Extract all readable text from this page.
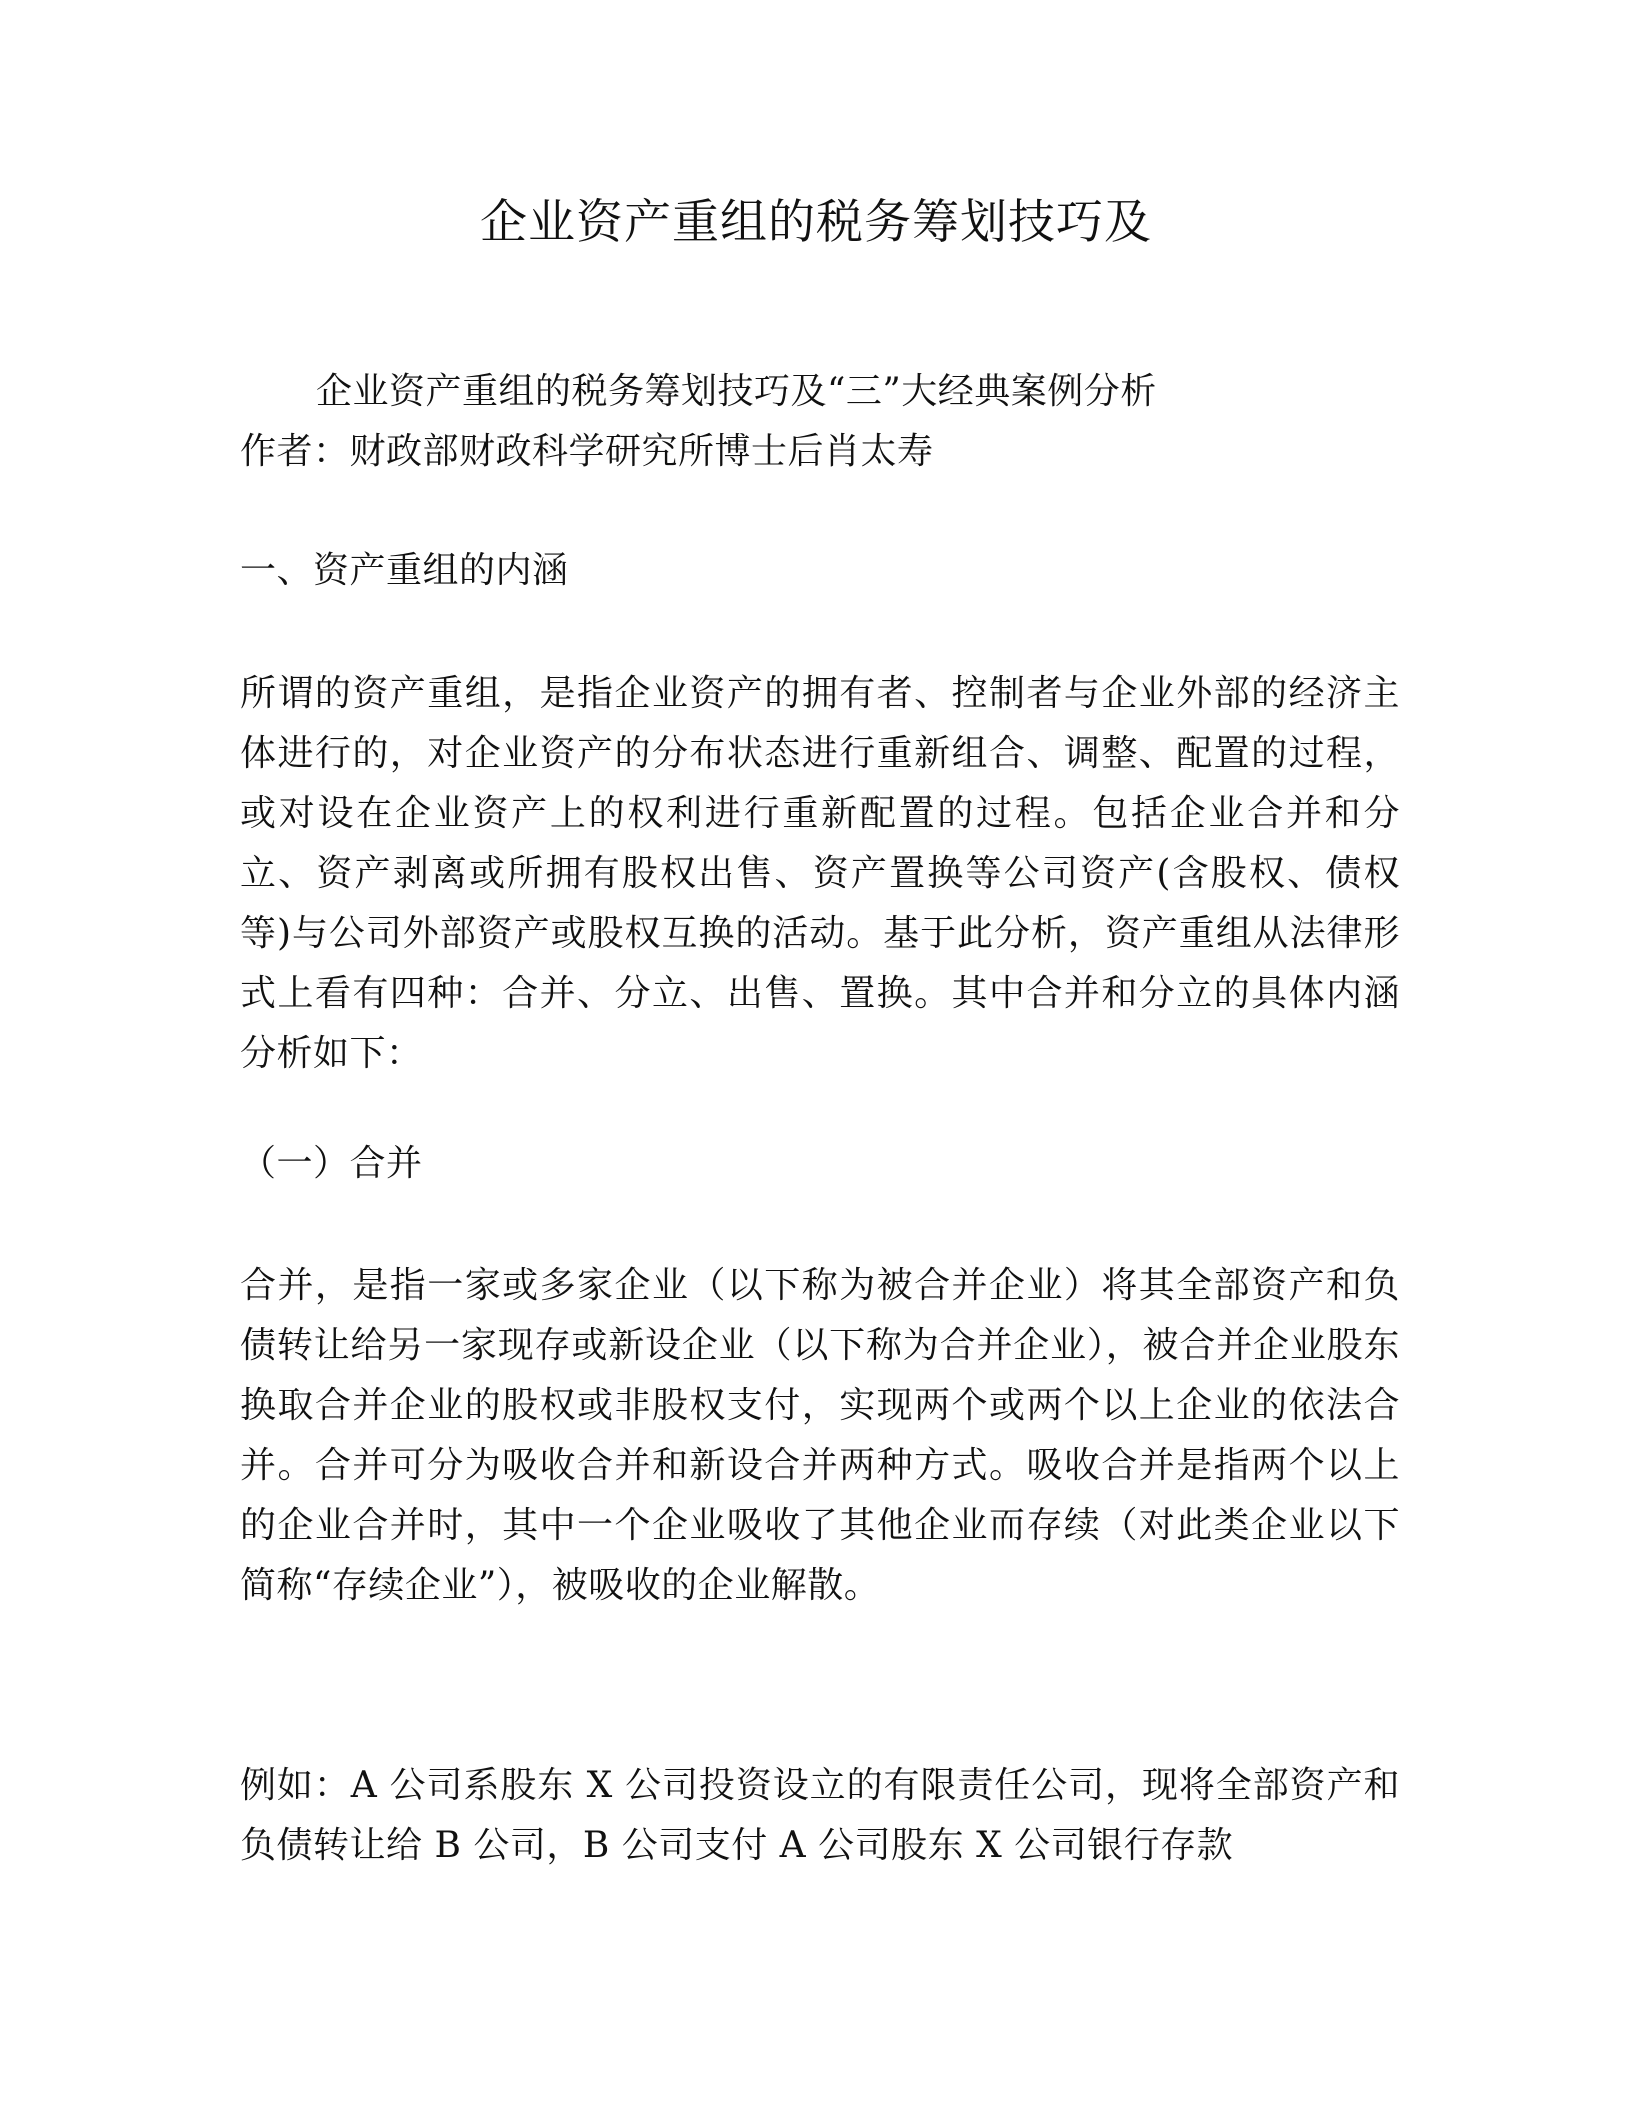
企业资产重组的税务筹划技巧及

企业资产重组的税务筹划技巧及“三”大经典案例分析

作者：财政部财政科学研究所博士后肖太寿

一、资产重组的内涵

所谓的资产重组，是指企业资产的拥有者、控制者与企业外部的经济主体进行的，对企业资产的分布状态进行重新组合、调整、配置的过程，或对设在企业资产上的权利进行重新配置的过程。包括企业合并和分立、资产剥离或所拥有股权出售、资产置换等公司资产(含股权、债权等)与公司外部资产或股权互换的活动。基于此分析，资产重组从法律形式上看有四种：合并、分立、出售、置换。其中合并和分立的具体内涵分析如下：

（一）合并

合并，是指一家或多家企业（以下称为被合并企业）将其全部资产和负债转让给另一家现存或新设企业（以下称为合并企业），被合并企业股东换取合并企业的股权或非股权支付，实现两个或两个以上企业的依法合并。合并可分为吸收合并和新设合并两种方式。吸收合并是指两个以上的企业合并时，其中一个企业吸收了其他企业而存续（对此类企业以下简称“存续企业”），被吸收的企业解散。

例如：A 公司系股东 X 公司投资设立的有限责任公司，现将全部资产和负债转让给 B 公司，B 公司支付 A 公司股东 X 公司银行存款
